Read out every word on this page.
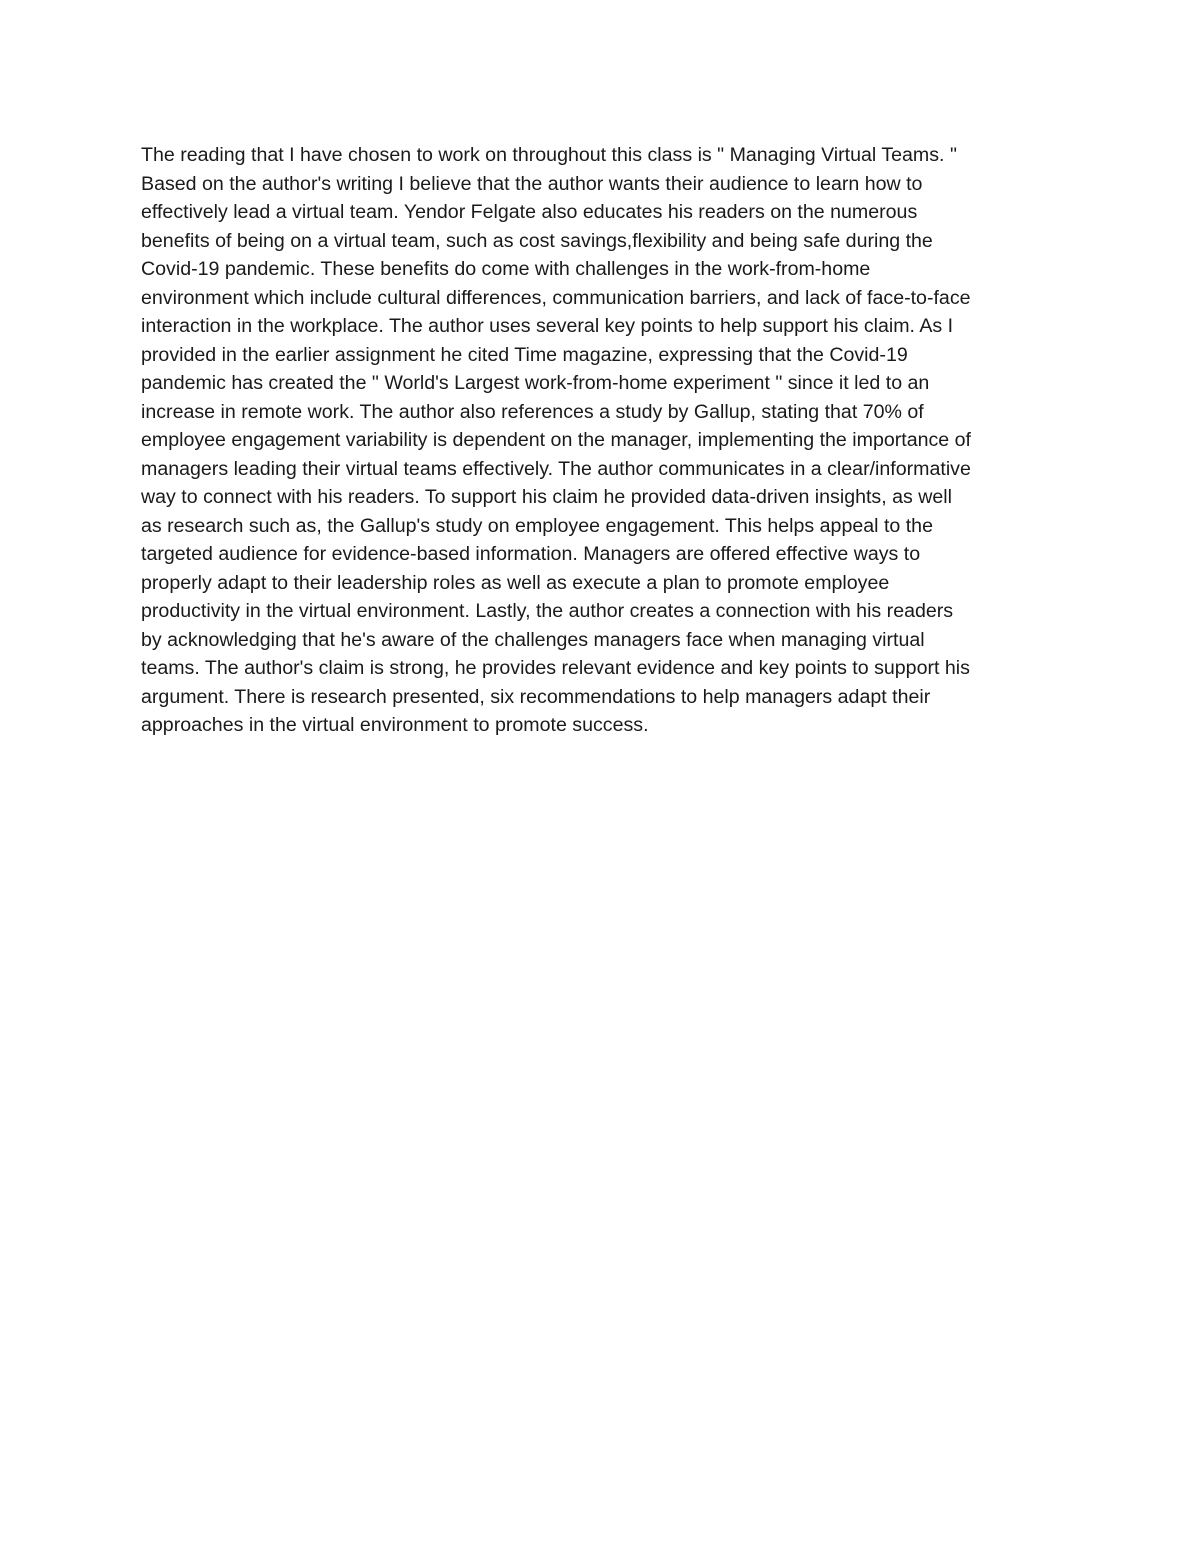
The reading that I have chosen to work on throughout this class is " Managing Virtual Teams. "
Based on the author's writing I believe that the author wants their audience to learn how to
effectively lead a virtual team. Yendor Felgate also educates his readers on the numerous
benefits of being on a virtual team, such as cost savings,flexibility and being safe during the
Covid-19 pandemic. These benefits do come with challenges in the work-from-home
environment which include cultural differences, communication barriers, and lack of face-to-face
interaction in the workplace. The author uses several key points to help support his claim. As I
provided in the earlier assignment he cited Time magazine, expressing that the Covid-19
pandemic has created the " World's Largest work-from-home experiment " since it led to an
increase in remote work. The author also references a study by Gallup, stating that 70% of
employee engagement variability is dependent on the manager, implementing the importance of
managers leading their virtual teams effectively. The author communicates in a clear/informative
way to connect with his readers. To support his claim he provided data-driven insights, as well
as research such as, the Gallup's study on employee engagement. This helps appeal to the
targeted audience for evidence-based information. Managers are offered effective ways to
properly adapt to their leadership roles as well as execute a plan to promote employee
productivity in the virtual environment. Lastly, the author creates a connection with his readers
by acknowledging that he's aware of the challenges managers face when managing virtual
teams. The author's claim is strong, he provides relevant evidence and key points to support his
argument. There is research presented, six recommendations to help managers adapt their
approaches in the virtual environment to promote success.
